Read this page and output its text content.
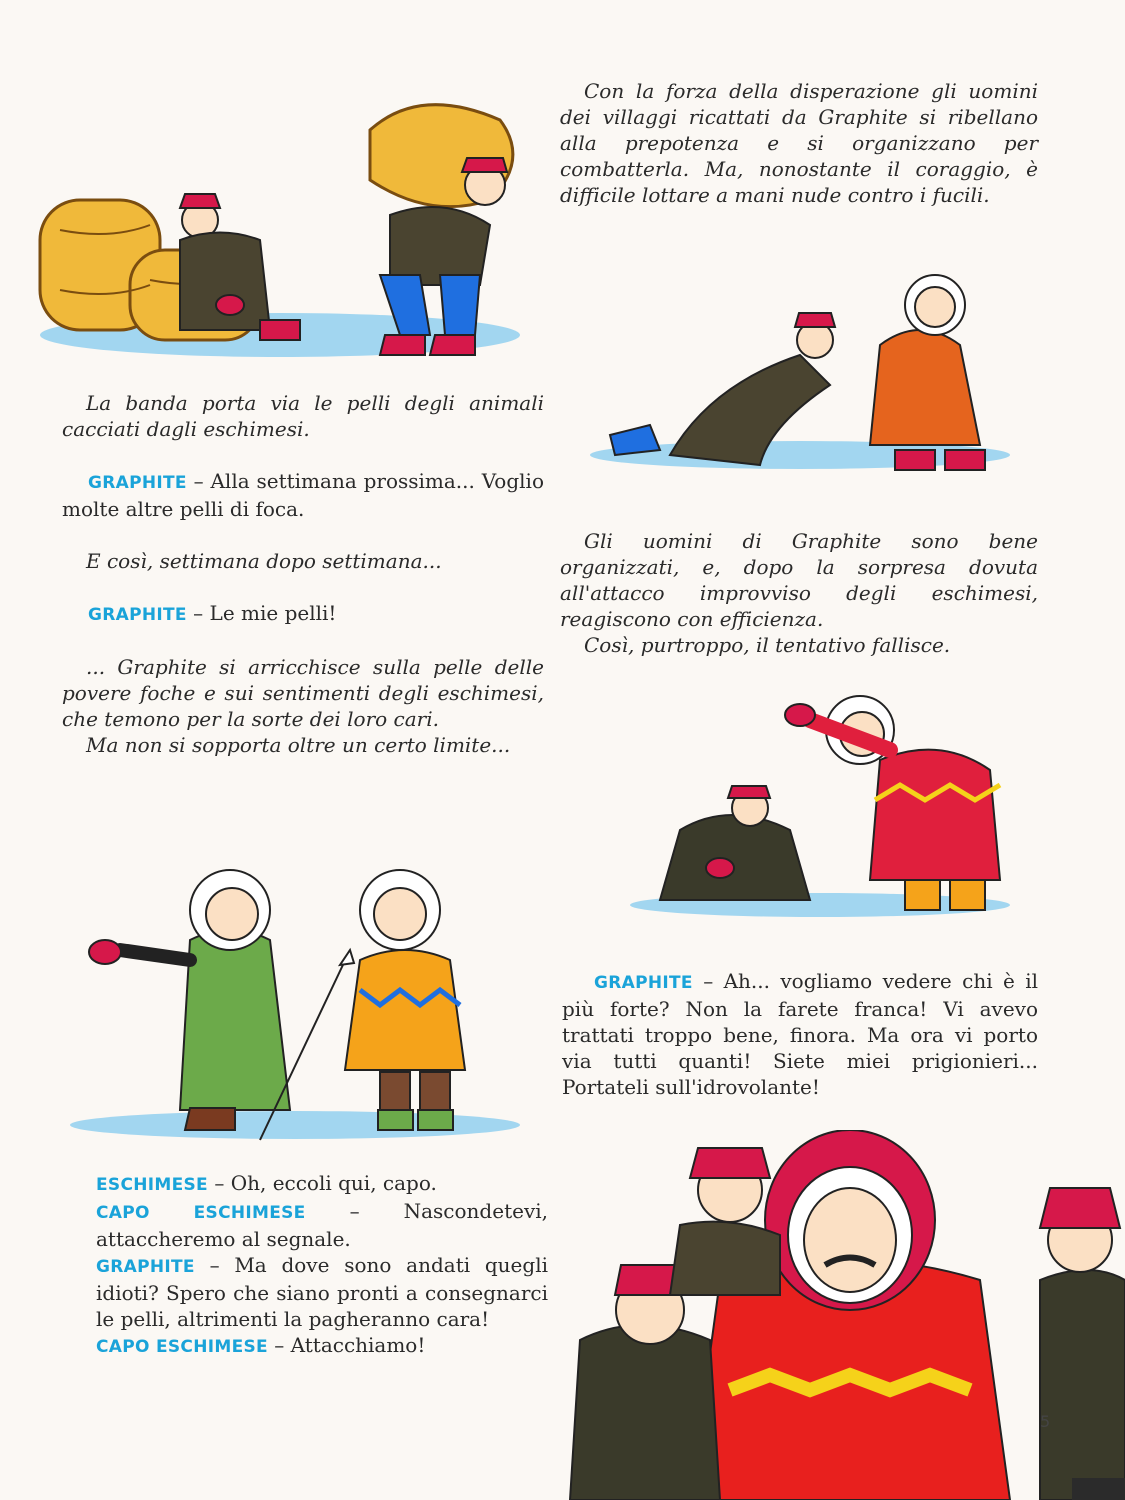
Con la forza della disperazione gli uomini dei villaggi ricattati da Graphite si ribellano alla prepotenza e si organizzano per combatterla. Ma, nonostante il coraggio, è difficile lottare a mani nude contro i fucili.

Gli uomini di Graphite sono bene organizzati, e, dopo la sorpresa dovuta all'attacco improvviso degli eschimesi, reagiscono con efficienza.

Così, purtroppo, il tentativo fallisce.

La banda porta via le pelli degli animali cacciati dagli eschimesi.

GRAPHITE – Alla settimana prossima... Voglio molte altre pelli di foca.

E così, settimana dopo settimana...

GRAPHITE – Le mie pelli!

... Graphite si arricchisce sulla pelle delle povere foche e sui sentimenti degli eschimesi, che temono per la sorte dei loro cari.

Ma non si sopporta oltre un certo limite...

GRAPHITE – Ah... vogliamo vedere chi è il più forte? Non la farete franca! Vi avevo trattati troppo bene, finora. Ma ora vi porto via tutti quanti! Siete miei prigionieri... Portateli sull'idrovolante!

ESCHIMESE – Oh, eccoli qui, capo.

CAPO ESCHIMESE – Nascondetevi, attaccheremo al segnale.

GRAPHITE – Ma dove sono andati quegli idioti? Spero che siano pronti a consegnarci le pelli, altrimenti la pagheranno cara!

CAPO ESCHIMESE – Attacchiamo!

5
